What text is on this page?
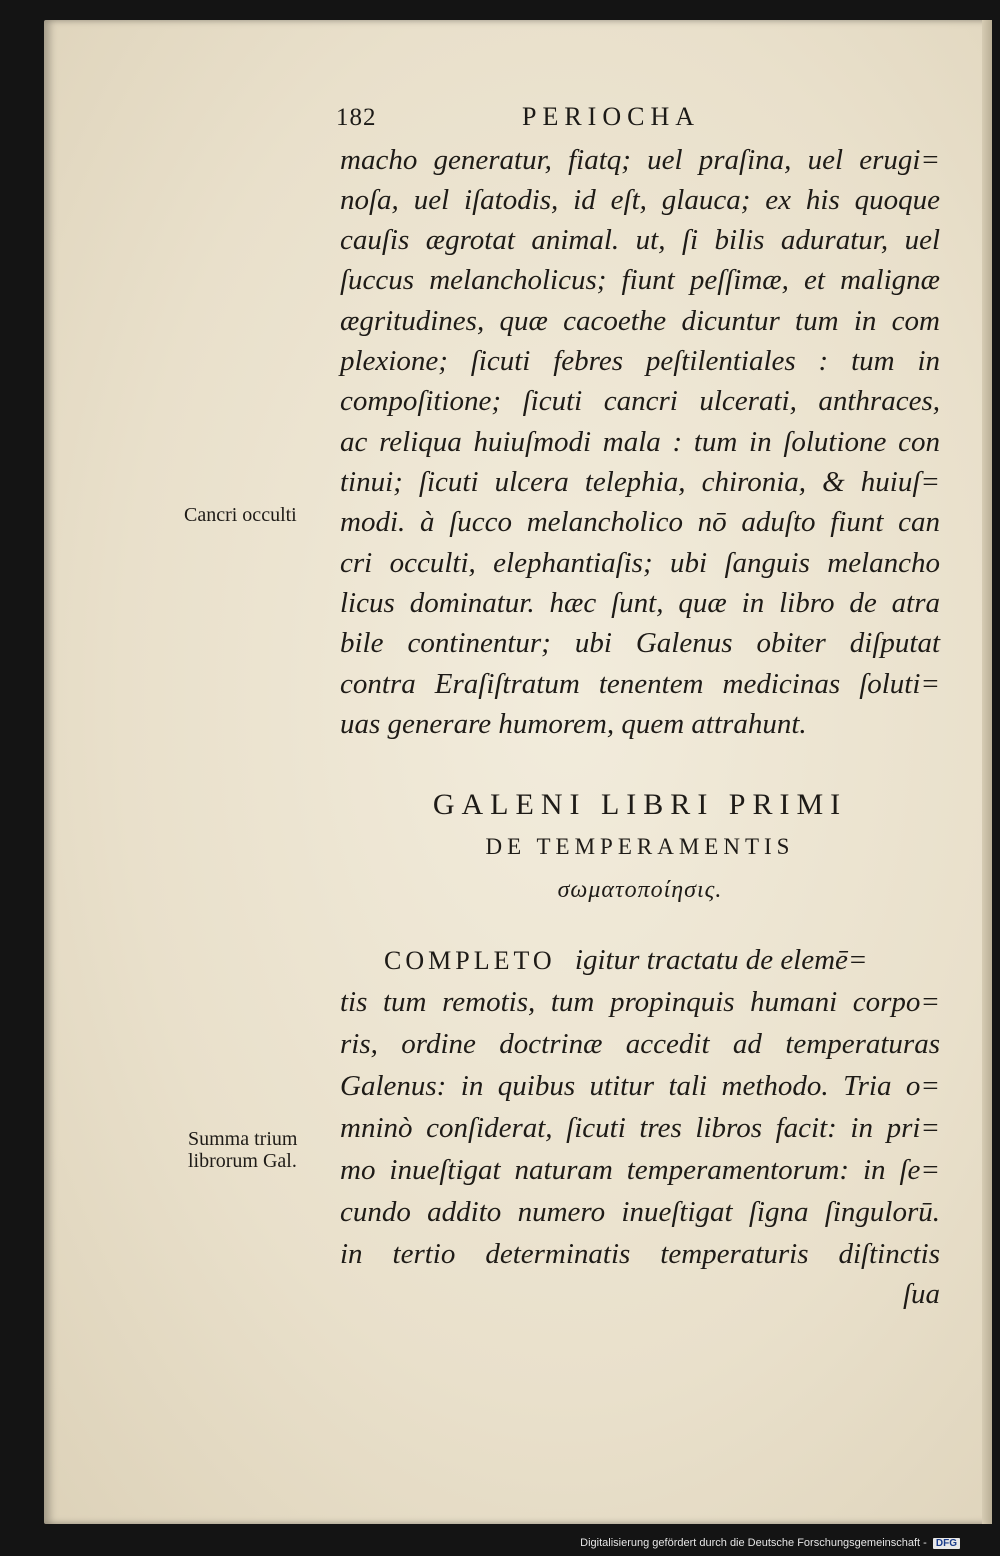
182	PERIOCHA
macho generatur, fiatq; uel praſina, uel erugi=
noſa, uel iſatodis, id eſt, glauca; ex his quoque
cauſis ægrotat animal. ut, ſi bilis aduratur, uel
ſuccus melancholicus; fiunt peſſimæ, et malignæ
ægritudines, quæ cacoethe dicuntur tum in com
plexione; ſicuti febres peſtilentiales : tum in
compoſitione; ſicuti cancri ulcerati, anthraces,
ac reliqua huiuſmodi mala : tum in ſolutione con
tinui; ſicuti ulcera telephia, chironia, & huiuſ=
modi. à ſucco melancholico nō aduſto fiunt can
cri occulti, elephantiaſis; ubi ſanguis melancho
licus dominatur. hæc ſunt, quæ in libro de atra
bile continentur; ubi Galenus obiter diſputat
contra Eraſiſtratum tenentem medicinas ſoluti=
uas generare humorem, quem attrahunt.
Cancri occulti
GALENI LIBRI PRIMI
DE TEMPERAMENTIS
σωματοποίησις.
COMPLETO igitur tractatu de elemē=
tis tum remotis, tum propinquis humani corpo=
ris, ordine doctrinæ accedit ad temperaturas
Galenus: in quibus utitur tali methodo. Tria o=
mninò conſiderat, ſicuti tres libros facit: in pri=
mo inueſtigat naturam temperamentorum: in ſe=
cundo addito numero inueſtigat ſigna ſingulorū.
in tertio determinatis temperaturis diſtinctis
ſua
Summa trium
librorum Gal.
Digitalisierung gefördert durch die Deutsche Forschungsgemeinschaft - DFG
